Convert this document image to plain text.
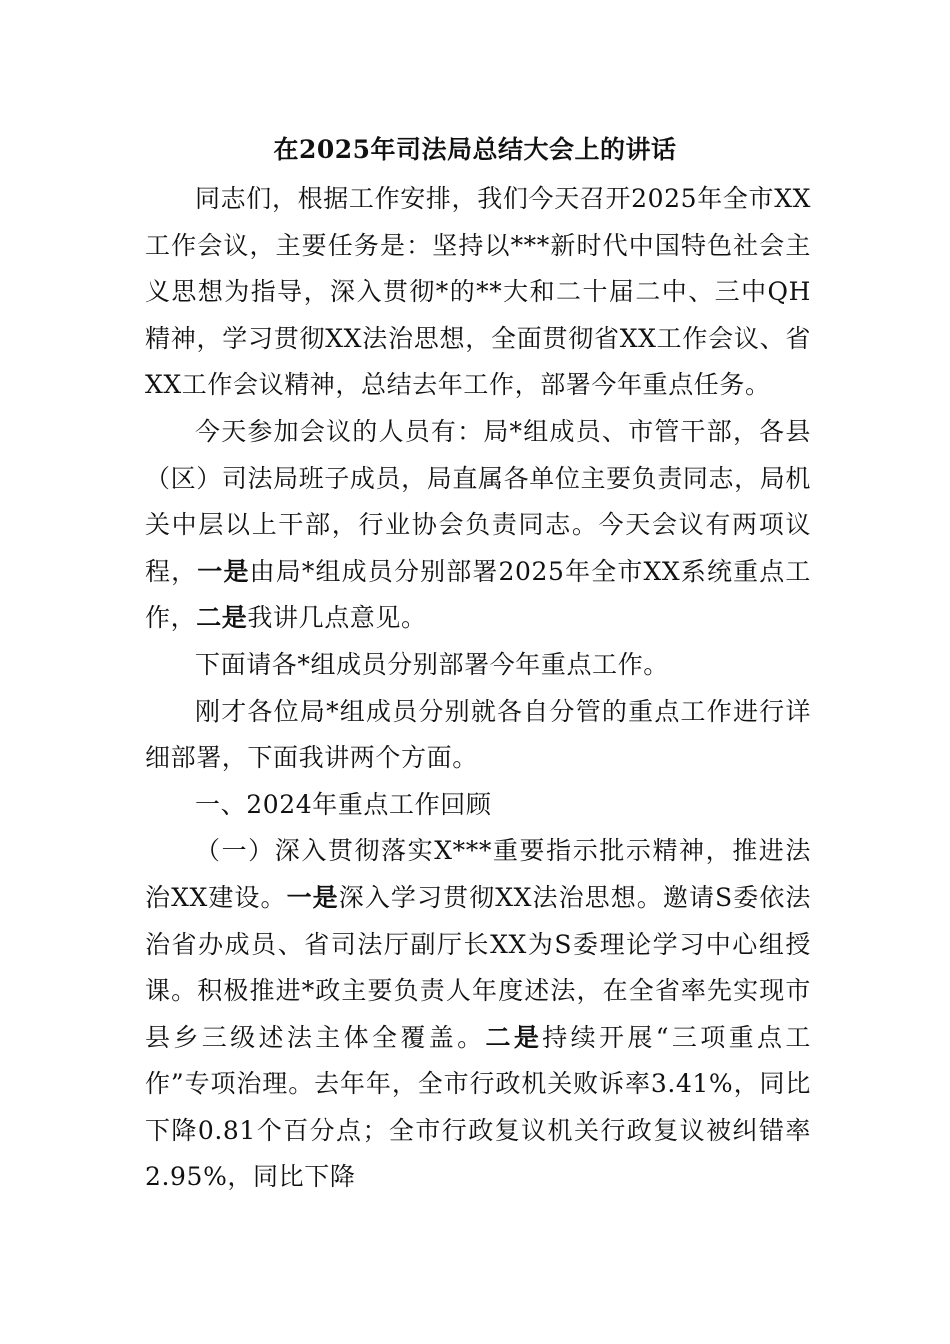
在2025年司法局总结大会上的讲话

同志们，根据工作安排，我们今天召开2025年全市XX工作会议，主要任务是：坚持以***新时代中国特色社会主义思想为指导，深入贯彻*的**大和二十届二中、三中QH精神，学习贯彻XX法治思想，全面贯彻省XX工作会议、省XX工作会议精神，总结去年工作，部署今年重点任务。

今天参加会议的人员有：局*组成员、市管干部，各县（区）司法局班子成员，局直属各单位主要负责同志，局机关中层以上干部，行业协会负责同志。今天会议有两项议程，一是由局*组成员分别部署2025年全市XX系统重点工作，二是我讲几点意见。

下面请各*组成员分别部署今年重点工作。

刚才各位局*组成员分别就各自分管的重点工作进行详细部署，下面我讲两个方面。

一、2024年重点工作回顾

（一）深入贯彻落实X***重要指示批示精神，推进法治XX建设。一是深入学习贯彻XX法治思想。邀请S委依法治省办成员、省司法厅副厅长XX为S委理论学习中心组授课。积极推进*政主要负责人年度述法，在全省率先实现市县乡三级述法主体全覆盖。二是持续开展“三项重点工作”专项治理。去年年，全市行政机关败诉率3.41%，同比下降0.81个百分点；全市行政复议机关行政复议被纠错率2.95%，同比下降
